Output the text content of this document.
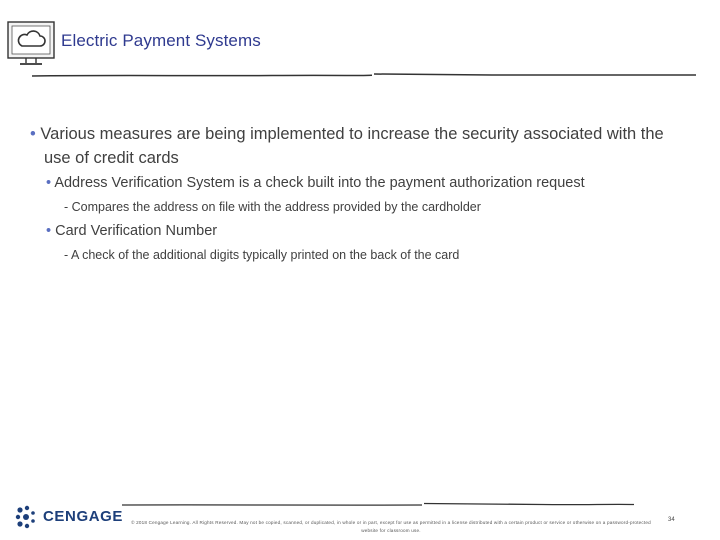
Electric Payment Systems
• Various measures are being implemented to increase the security associated with the use of credit cards
• Address Verification System is a check built into the payment authorization request
- Compares the address on file with the address provided by the cardholder
• Card Verification Number
- A check of the additional digits typically printed on the back of the card
CENGAGE	© 2018 Cengage Learning. All Rights Reserved. May not be copied, scanned, or duplicated, in whole or in part, except for use as permitted in a license distributed with a certain product or service or otherwise on a password-protected website for classroom use.
34
